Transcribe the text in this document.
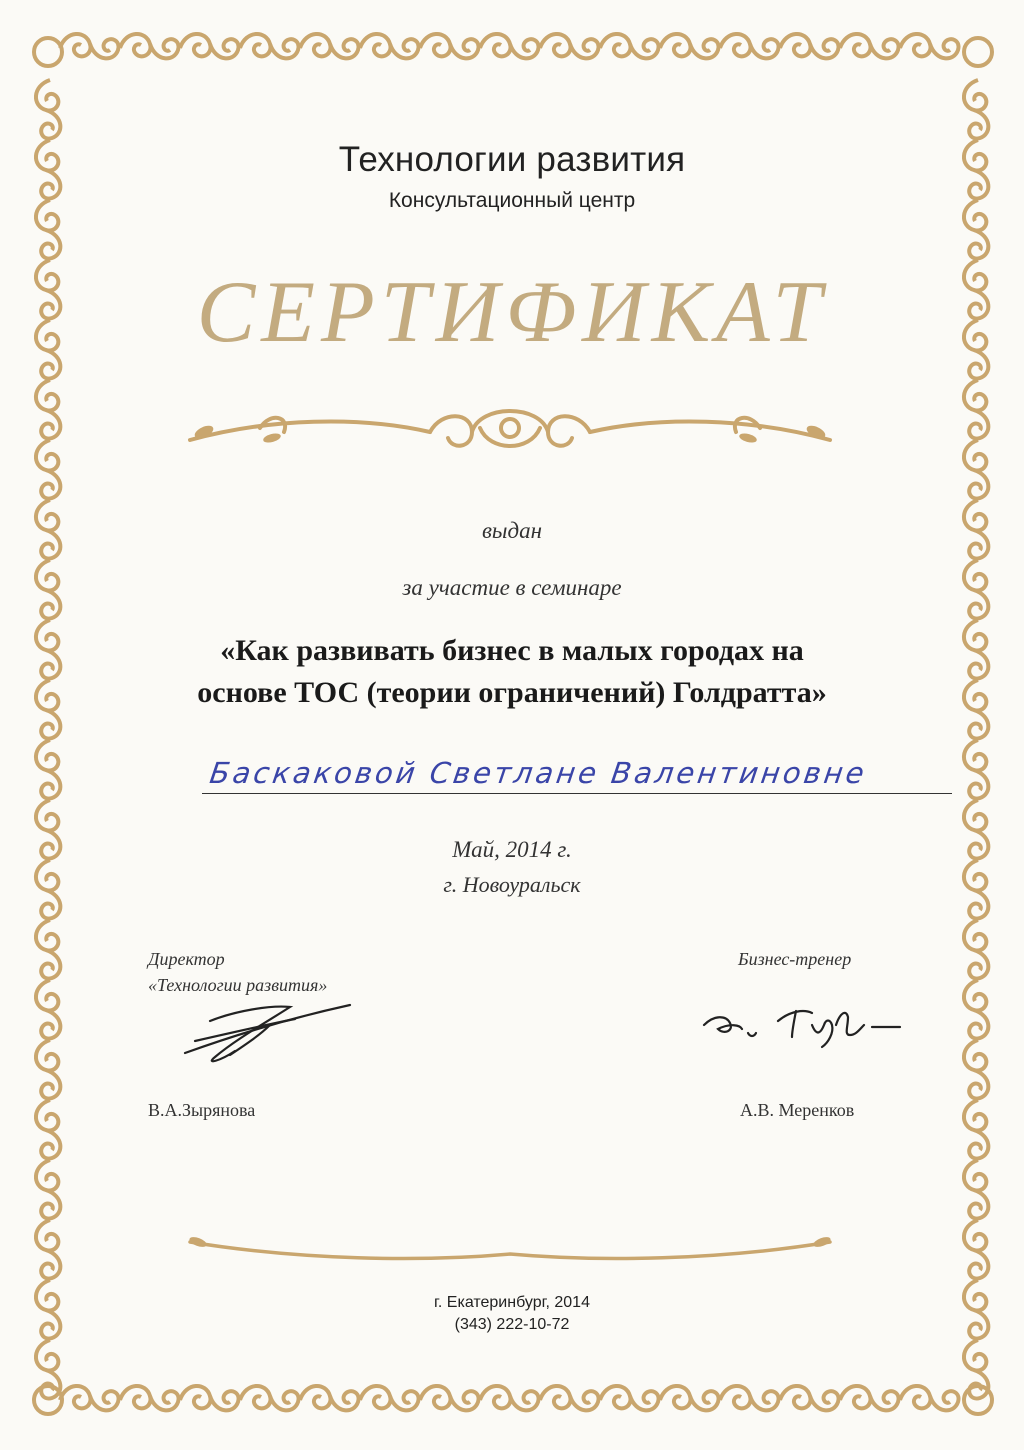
Технологии развития
Консультационный центр
СЕРТИФИКАТ
выдан
за участие в семинаре
«Как развивать бизнес в малых городах на
основе ТОС (теории ограничений) Голдратта»
Баскаковой Светлане Валентиновне
Май, 2014 г.
г. Новоуральск
Директор
«Технологии развития»
В.А.Зырянова
Бизнес-тренер
А.В. Меренков
г. Екатеринбург, 2014
(343) 222-10-72
